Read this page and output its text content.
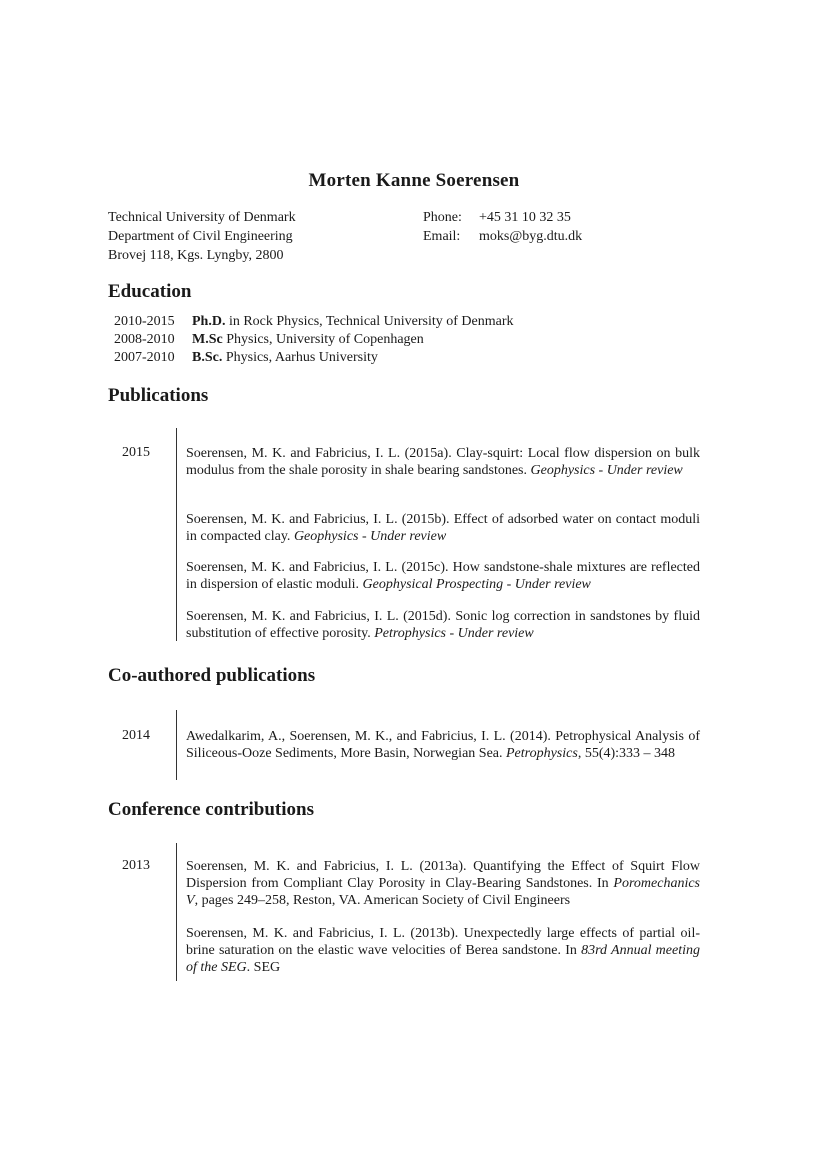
Morten Kanne Soerensen
Technical University of Denmark
Department of Civil Engineering
Brovej 118, Kgs. Lyngby, 2800
Phone:	+45 31 10 32 35
Email:	moks@byg.dtu.dk
Education
2010-2015	Ph.D. in Rock Physics, Technical University of Denmark
2008-2010	M.Sc Physics, University of Copenhagen
2007-2010	B.Sc. Physics, Aarhus University
Publications
2015	Soerensen, M. K. and Fabricius, I. L. (2015a). Clay-squirt: Local flow dispersion on bulk modulus from the shale porosity in shale bearing sandstones. Geophysics - Under review
Soerensen, M. K. and Fabricius, I. L. (2015b). Effect of adsorbed water on contact moduli in compacted clay. Geophysics - Under review
Soerensen, M. K. and Fabricius, I. L. (2015c). How sandstone-shale mixtures are reflected in dispersion of elastic moduli. Geophysical Prospecting - Under review
Soerensen, M. K. and Fabricius, I. L. (2015d). Sonic log correction in sandstones by fluid substitution of effective porosity. Petrophysics - Under review
Co-authored publications
2014	Awedalkarim, A., Soerensen, M. K., and Fabricius, I. L. (2014). Petrophysical Analysis of Siliceous-Ooze Sediments, More Basin, Norwegian Sea. Petrophysics, 55(4):333 – 348
Conference contributions
2013	Soerensen, M. K. and Fabricius, I. L. (2013a). Quantifying the Effect of Squirt Flow Dispersion from Compliant Clay Porosity in Clay-Bearing Sandstones. In Poromechanics V, pages 249–258, Reston, VA. American Society of Civil Engineers
Soerensen, M. K. and Fabricius, I. L. (2013b). Unexpectedly large effects of partial oil-brine saturation on the elastic wave velocities of Berea sandstone. In 83rd Annual meeting of the SEG. SEG
